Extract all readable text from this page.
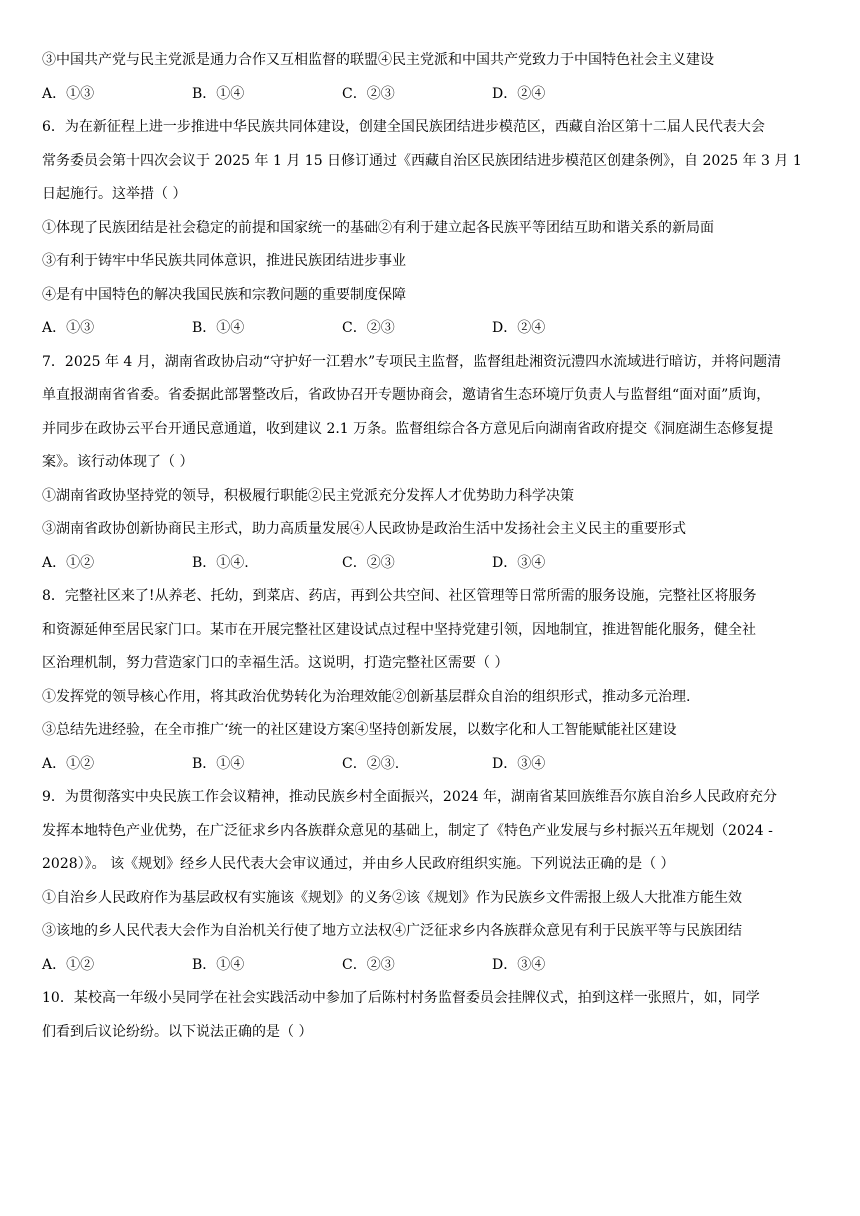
③中国共产党与民主党派是通力合作又互相监督的联盟④民主党派和中国共产党致力于中国特色社会主义建设
A．①③	B．①④	C．②③	D．②④
6．为在新征程上进一步推进中华民族共同体建设，创建全国民族团结进步模范区，西藏自治区第十二届人民代表大会
常务委员会第十四次会议于 2025 年 1 月 15 日修订通过《西藏自治区民族团结进步模范区创建条例》，自 2025 年 3 月 1
日起施行。这举措（ ）
①体现了民族团结是社会稳定的前提和国家统一的基础②有利于建立起各民族平等团结互助和谐关系的新局面
③有利于铸牢中华民族共同体意识，推进民族团结进步事业
④是有中国特色的解决我国民族和宗教问题的重要制度保障
A．①③	B．①④	C．②③	D．②④
7．2025 年 4 月，湖南省政协启动“守护好一江碧水”专项民主监督，监督组赴湘资沅澧四水流域进行暗访，并将问题清
单直报湖南省省委。省委据此部署整改后，省政协召开专题协商会，邀请省生态环境厅负责人与监督组“面对面”质询，
并同步在政协云平台开通民意通道，收到建议 2.1 万条。监督组综合各方意见后向湖南省政府提交《洞庭湖生态修复提
案》。该行动体现了（ ）
①湖南省政协坚持党的领导，积极履行职能②民主党派充分发挥人才优势助力科学决策
③湖南省政协创新协商民主形式，助力高质量发展④人民政协是政治生活中发扬社会主义民主的重要形式
A．①②	B．①④.	C．②③	D．③④
8．完整社区来了!从养老、托幼，到菜店、药店，再到公共空间、社区管理等日常所需的服务设施，完整社区将服务
和资源延伸至居民家门口。某市在开展完整社区建设试点过程中坚持党建引领，因地制宜，推进智能化服务，健全社
区治理机制，努力营造家门口的幸福生活。这说明，打造完整社区需要（ ）
①发挥党的领导核心作用，将其政治优势转化为治理效能②创新基层群众自治的组织形式，推动多元治理.
③总结先进经验，在全市推广‘统一的社区建设方案④坚持创新发展，以数字化和人工智能赋能社区建设
A．①②	B．①④	C．②③.	D．③④
9．为贯彻落实中央民族工作会议精神，推动民族乡村全面振兴，2024 年，湖南省某回族维吾尔族自治乡人民政府充分
发挥本地特色产业优势，在广泛征求乡内各族群众意见的基础上，制定了《特色产业发展与乡村振兴五年规划（2024 -
2028）》。 该《规划》经乡人民代表大会审议通过，并由乡人民政府组织实施。下列说法正确的是（ ）
①自治乡人民政府作为基层政权有实施该《规划》的义务②该《规划》作为民族乡文件需报上级人大批准方能生效
③该地的乡人民代表大会作为自治机关行使了地方立法权④广泛征求乡内各族群众意见有利于民族平等与民族团结
A．①②	B．①④	C．②③	D．③④
10．某校高一年级小吴同学在社会实践活动中参加了后陈村村务监督委员会挂牌仪式，拍到这样一张照片，如，同学
们看到后议论纷纷。以下说法正确的是（ ）
